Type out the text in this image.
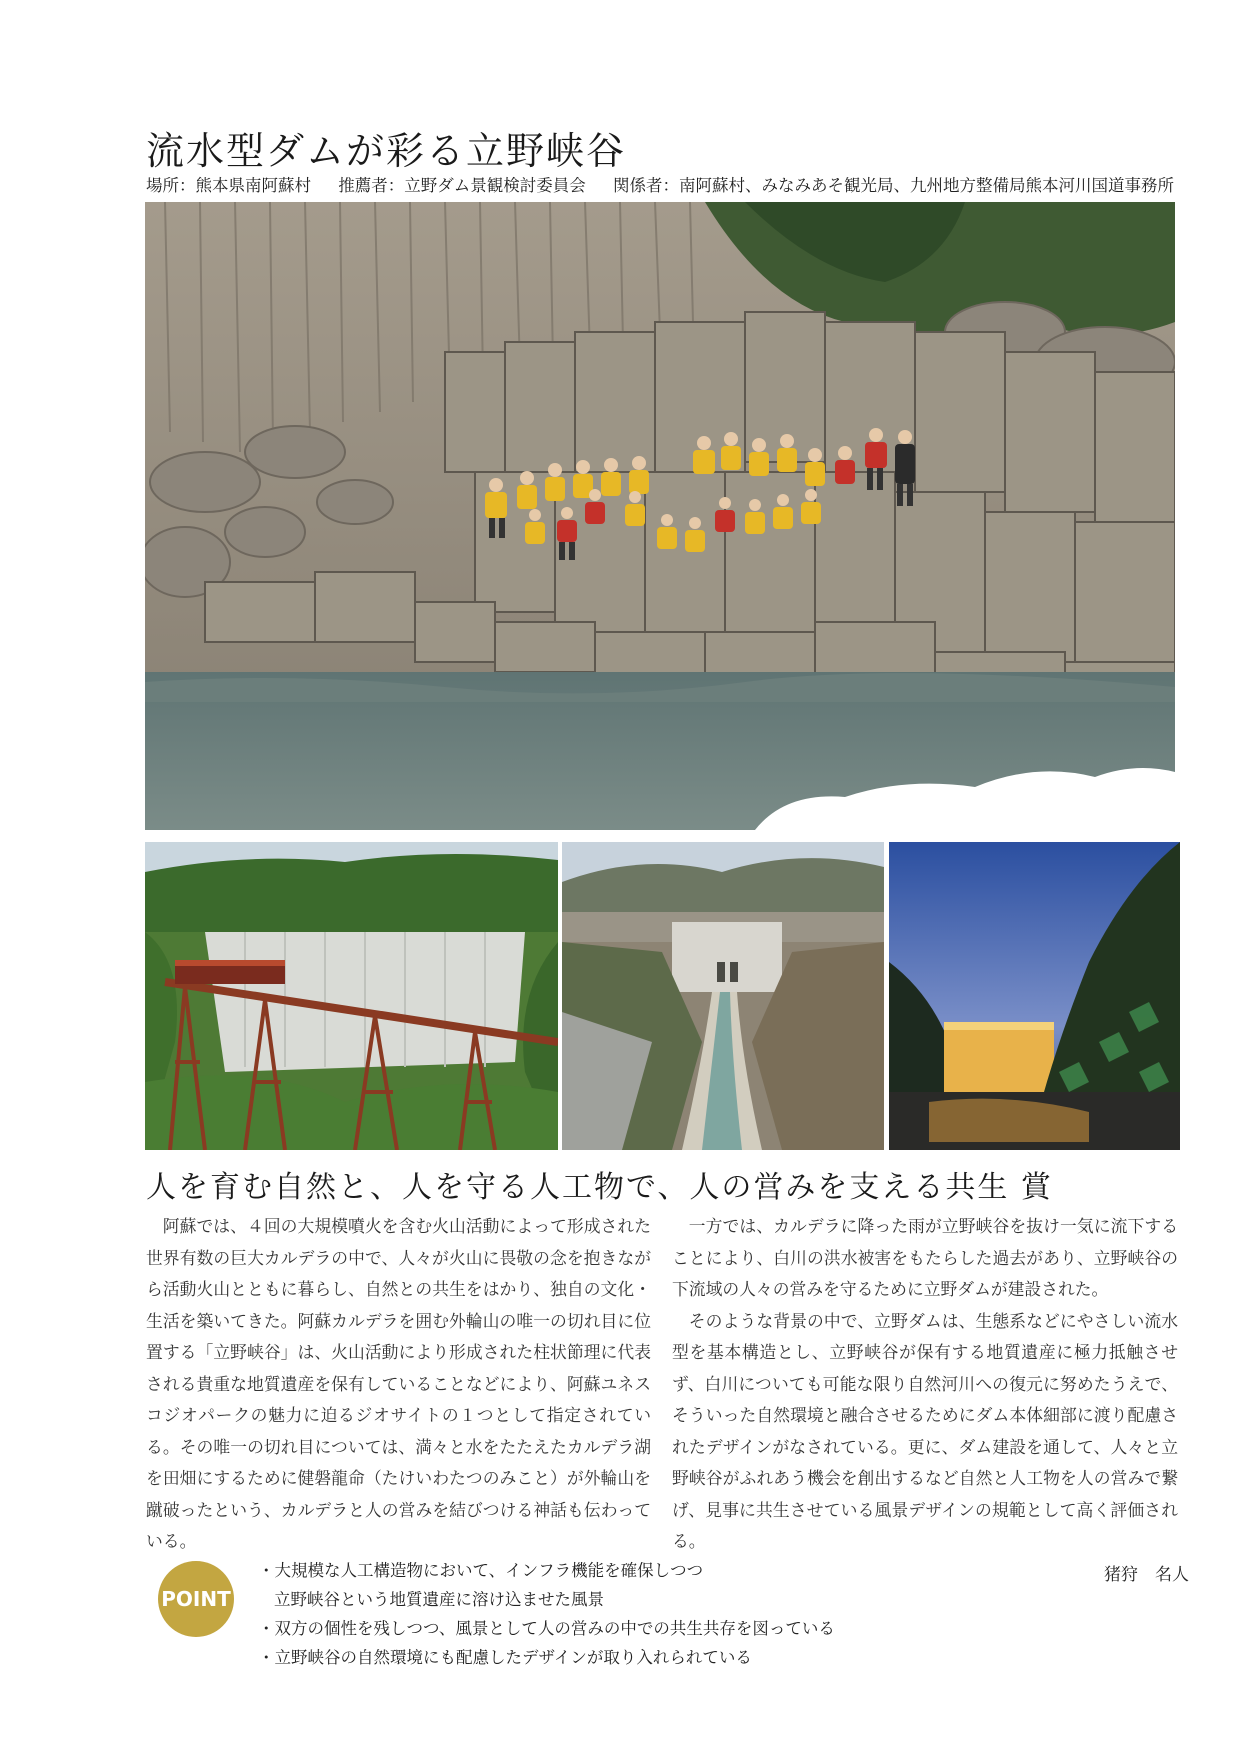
流水型ダムが彩る立野峡谷
場所：熊本県南阿蘇村 推薦者：立野ダム景観検討委員会 関係者：南阿蘇村、みなみあそ観光局、九州地方整備局熊本河川国道事務所
人を育む自然と、人を守る人工物で、人の営みを支える共生 賞

阿蘇では、４回の大規模噴火を含む火山活動によって形成された世界有数の巨大カルデラの中で、人々が火山に畏敬の念を抱きながら活動火山とともに暮らし、自然との共生をはかり、独自の文化・生活を築いてきた。阿蘇カルデラを囲む外輪山の唯一の切れ目に位置する「立野峡谷」は、火山活動により形成された柱状節理に代表される貴重な地質遺産を保有していることなどにより、阿蘇ユネスコジオパークの魅力に迫るジオサイトの１つとして指定されている。その唯一の切れ目については、満々と水をたたえたカルデラ湖を田畑にするために健磐龍命（たけいわたつのみこと）が外輪山を蹴破ったという、カルデラと人の営みを結びつける神話も伝わっている。

一方では、カルデラに降った雨が立野峡谷を抜け一気に流下することにより、白川の洪水被害をもたらした過去があり、立野峡谷の下流域の人々の営みを守るために立野ダムが建設された。

そのような背景の中で、立野ダムは、生態系などにやさしい流水型を基本構造とし、立野峡谷が保有する地質遺産に極力抵触させず、白川についても可能な限り自然河川への復元に努めたうえで、そういった自然環境と融合させるためにダム本体細部に渡り配慮されたデザインがなされている。更に、ダム建設を通して、人々と立野峡谷がふれあう機会を創出するなど自然と人工物を人の営みで繋げ、見事に共生させている風景デザインの規範として高く評価される。

POINT
・大規模な人工構造物において、インフラ機能を確保しつつ
立野峡谷という地質遺産に溶け込ませた風景
・双方の個性を残しつつ、風景として人の営みの中での共生共存を図っている
・立野峡谷の自然環境にも配慮したデザインが取り入れられている
猪狩　名人
